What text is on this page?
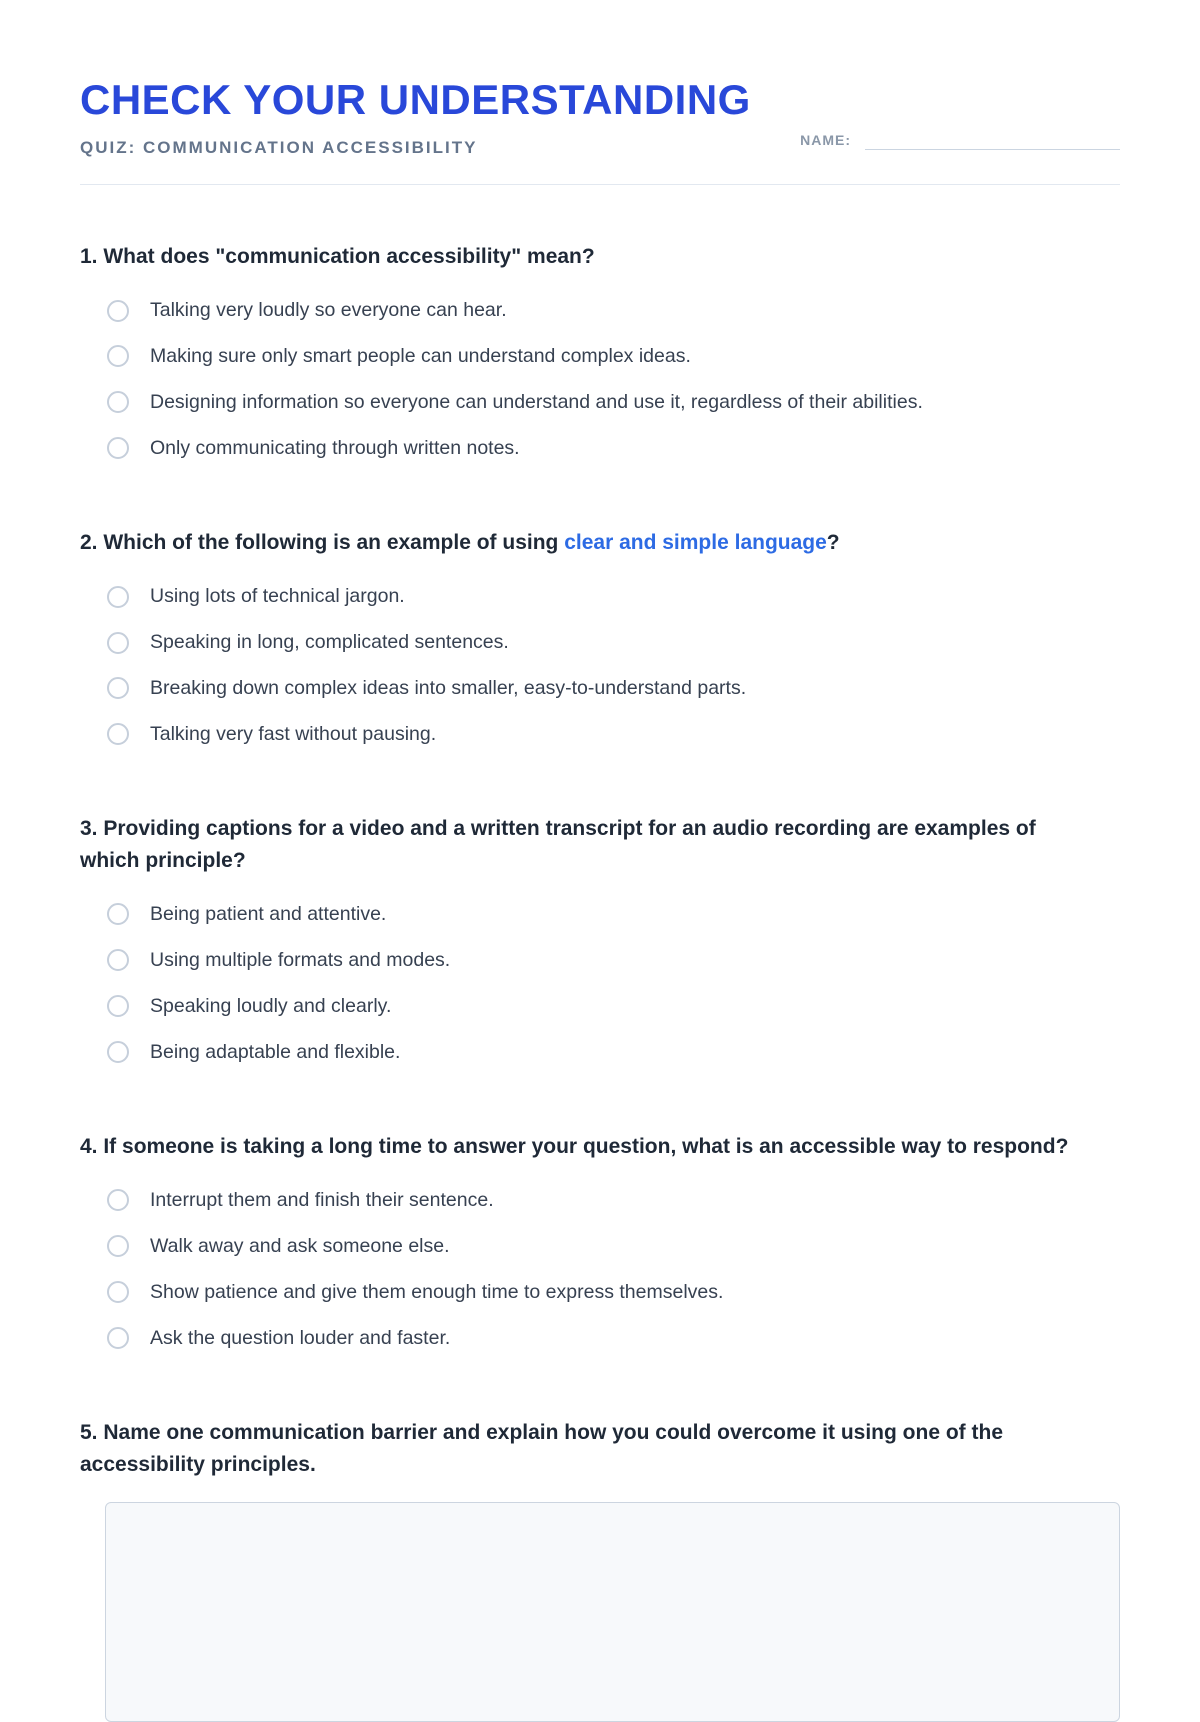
CHECK YOUR UNDERSTANDING
QUIZ: COMMUNICATION ACCESSIBILITY	NAME:
1. What does "communication accessibility" mean?
Talking very loudly so everyone can hear.
Making sure only smart people can understand complex ideas.
Designing information so everyone can understand and use it, regardless of their abilities.
Only communicating through written notes.
2. Which of the following is an example of using clear and simple language?
Using lots of technical jargon.
Speaking in long, complicated sentences.
Breaking down complex ideas into smaller, easy-to-understand parts.
Talking very fast without pausing.
3. Providing captions for a video and a written transcript for an audio recording are examples of which principle?
Being patient and attentive.
Using multiple formats and modes.
Speaking loudly and clearly.
Being adaptable and flexible.
4. If someone is taking a long time to answer your question, what is an accessible way to respond?
Interrupt them and finish their sentence.
Walk away and ask someone else.
Show patience and give them enough time to express themselves.
Ask the question louder and faster.
5. Name one communication barrier and explain how you could overcome it using one of the accessibility principles.
